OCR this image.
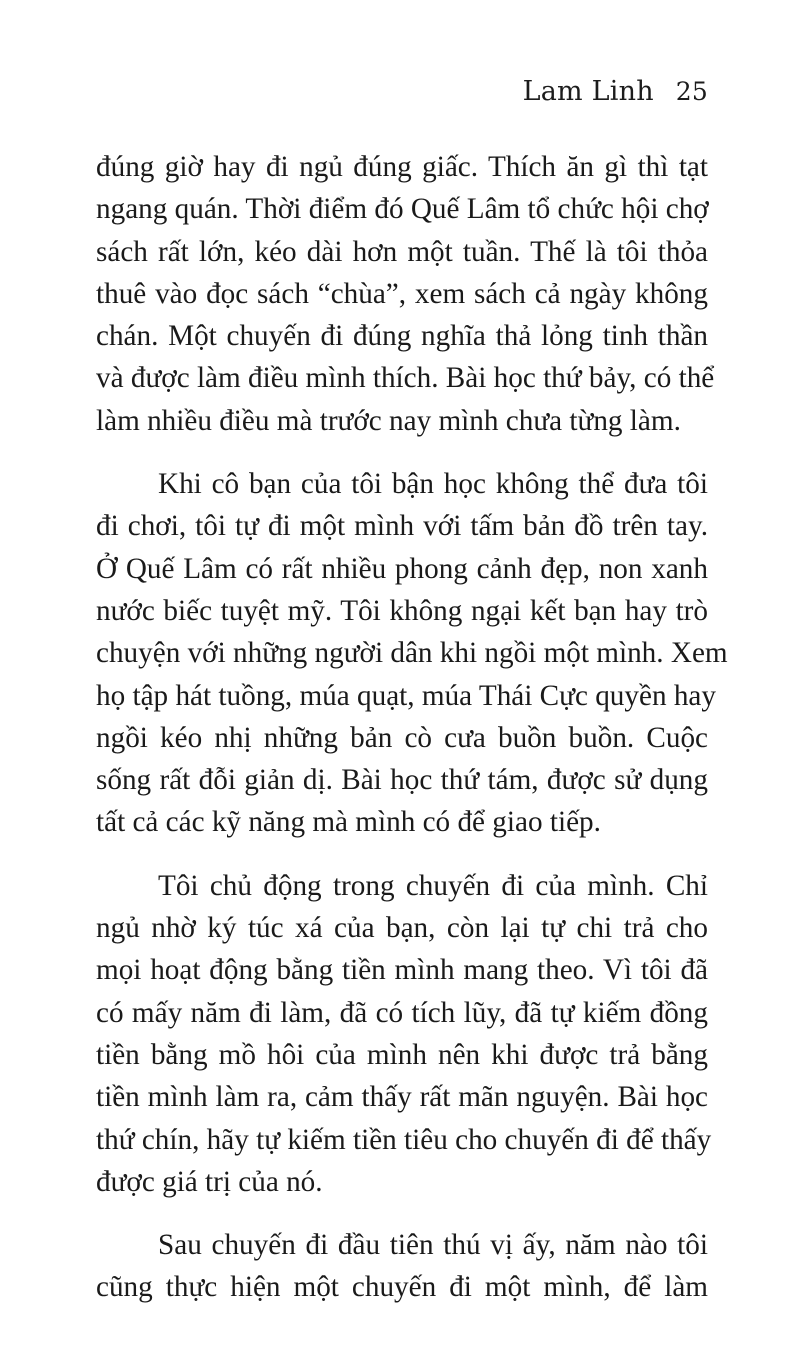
Lam Linh 25

đúng giờ hay đi ngủ đúng giấc. Thích ăn gì thì tạt
ngang quán. Thời điểm đó Quế Lâm tổ chức hội chợ
sách rất lớn, kéo dài hơn một tuần. Thế là tôi thỏa
thuê vào đọc sách “chùa”, xem sách cả ngày không
chán. Một chuyến đi đúng nghĩa thả lỏng tinh thần
và được làm điều mình thích. Bài học thứ bảy, có thể
làm nhiều điều mà trước nay mình chưa từng làm.

Khi cô bạn của tôi bận học không thể đưa tôi
đi chơi, tôi tự đi một mình với tấm bản đồ trên tay.
Ở Quế Lâm có rất nhiều phong cảnh đẹp, non xanh
nước biếc tuyệt mỹ. Tôi không ngại kết bạn hay trò
chuyện với những người dân khi ngồi một mình. Xem
họ tập hát tuồng, múa quạt, múa Thái Cực quyền hay
ngồi kéo nhị những bản cò cưa buồn buồn. Cuộc
sống rất đỗi giản dị. Bài học thứ tám, được sử dụng
tất cả các kỹ năng mà mình có để giao tiếp.

Tôi chủ động trong chuyến đi của mình. Chỉ
ngủ nhờ ký túc xá của bạn, còn lại tự chi trả cho
mọi hoạt động bằng tiền mình mang theo. Vì tôi đã
có mấy năm đi làm, đã có tích lũy, đã tự kiếm đồng
tiền bằng mồ hôi của mình nên khi được trả bằng
tiền mình làm ra, cảm thấy rất mãn nguyện. Bài học
thứ chín, hãy tự kiếm tiền tiêu cho chuyến đi để thấy
được giá trị của nó.

Sau chuyến đi đầu tiên thú vị ấy, năm nào tôi
cũng thực hiện một chuyến đi một mình, để làm
